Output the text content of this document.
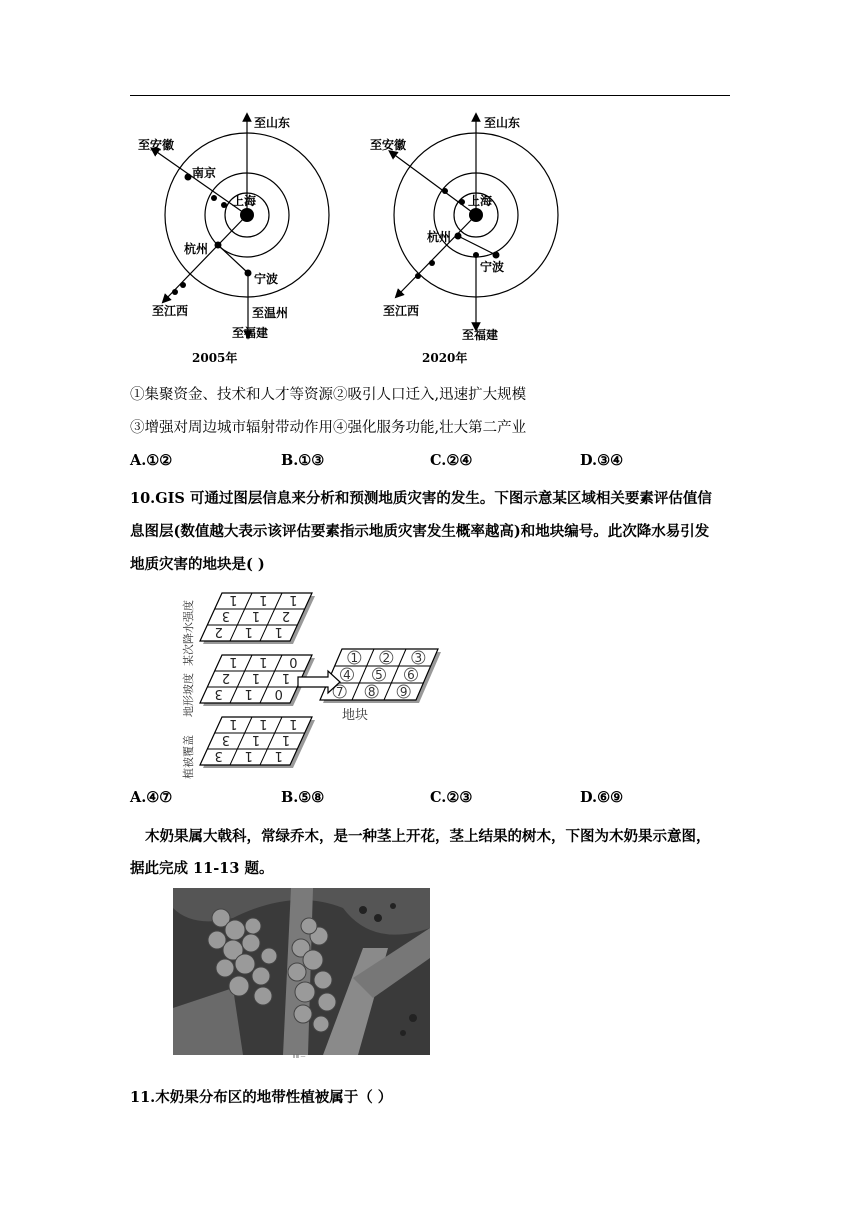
至山东
至安徽
南京
上海
杭州
宁波
至江西	至温州
至福建
2005年
至山东
至安徽
上海
杭州
宁波
至江西
至福建
2020年
①集聚资金、技术和人才等资源②吸引人口迁入,迅速扩大规模
③增强对周边城市辐射带动作用④强化服务功能,壮大第二产业
A.①②	B.①③	C.②④	D.③④
10.GIS 可通过图层信息来分析和预测地质灾害的发生。下图示意某区域相关要素评估值信
息图层(数值越大表示该评估要素指示地质灾害发生概率越高)和地块编号。此次降水易引发
地质灾害的地块是( )
1 1 1
3 1 2
2 1 1
某次降水强度	1 1 0
2 1 1
3 1 0
地形坡度
1 1 1
3 1 1
3 1 1
植被覆盖
1 2 3
4 5 6
7 8 9
地块
A.④⑦	B.⑤⑧	C.②③	D.⑥⑨
木奶果属大戟科，常绿乔木，是一种茎上开花，茎上结果的树木，下图为木奶果示意图，
据此完成 11-13 题。
ⅡⅢ —
11.木奶果分布区的地带性植被属于（ ）
